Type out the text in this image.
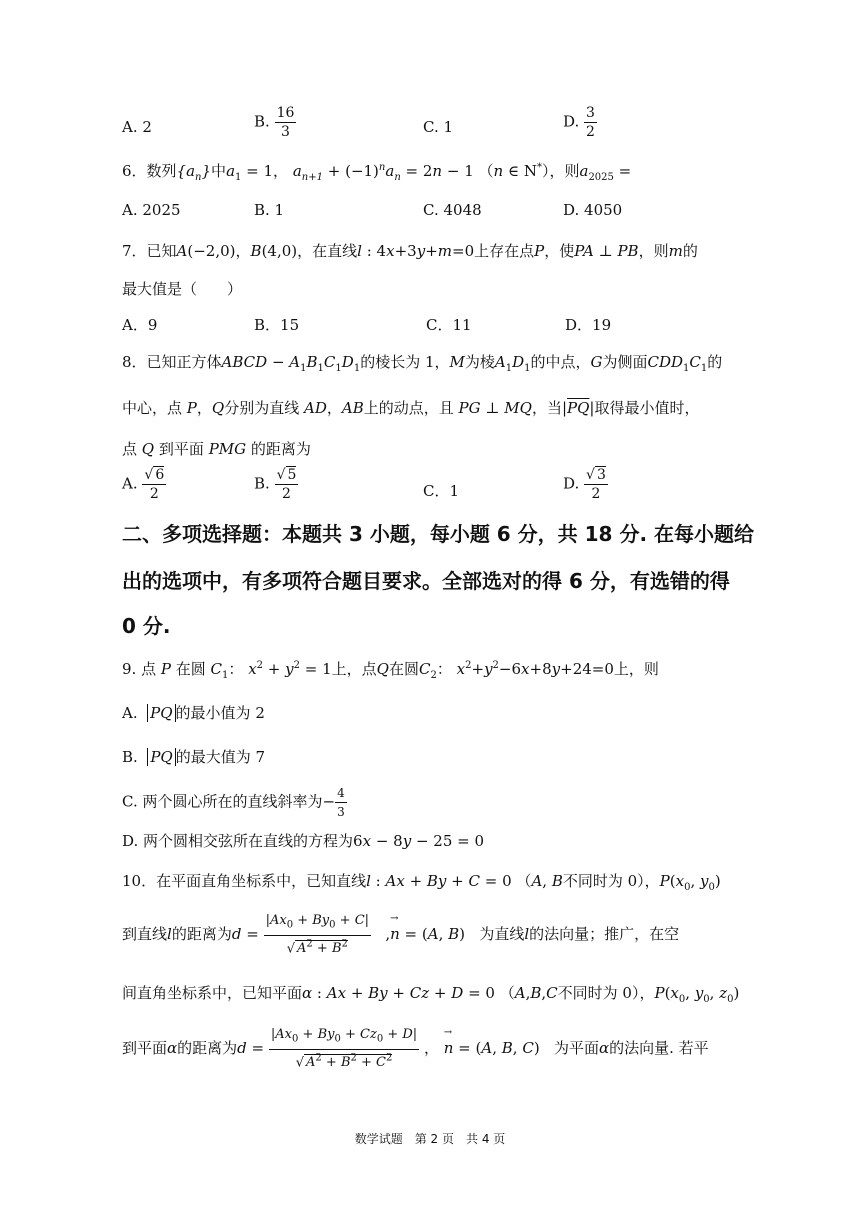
A. 2	B. $\frac{16}{3}$	C. 1	D. $\frac{3}{2}$
6．数列$\{a_n\}$中$a_1 = 1$， $a_{n+1} + (-1)^na_n = 2n - 1$ （n ∈ N*），则$a_{2025}$ =
A. 2025	B. 1	C. 4048	D. 4050
7．已知A(−2,0)，B(4,0)，在直线l : 4x+3y+m=0上存在点P，使PA ⊥ PB，则m的
最大值是（　　）
A．9	B．15	C．11	D．19
8．已知正方体ABCD − $A_1B_1C_1D_1$的棱长为 1，M为棱$A_1D_1$的中点，G为侧面$CDD_1C_1$的
中心，点 P，Q分别为直线 AD，AB上的动点，且 PG ⊥ MQ，当$|\overline{PQ}|$取得最小值时，
点 Q 到平面 PMG 的距离为
A. $\frac{√ 6}{2}$	B. $\frac{√ 5}{2}$	C．1	D. $\frac{√ 3}{2}$
二、多项选择题：本题共 3 小题，每小题 6 分，共 18 分. 在每小题给
出的选项中，有多项符合题目要求。全部选对的得 6 分，有选错的得
0 分.
9. 点 P 在圆 $C_1$： $x^2 + y^2 = 1$上，点Q在圆$C_2$： $x^2+y^2-6x+8y+24=0$上，则
A. PQ 的最小值为 2
B. PQ 的最大值为 7
C. 两个圆心所在的直线斜率为− $\frac{4}{3}$
D. 两个圆相交弦所在直线的方程为6x − 8y − 25 = 0
10．在平面直角坐标系中，已知直线l : Ax + By + C = 0 （A, B不同时为 0），$P(x_0$, $y_0$)
到直线l的距离为$d = \frac{|Ax_0 + By_0 + C|}{√ A^2 + B^2}$ ,→ n = (A, B)   为直线l的法向量；推广，在空
间直角坐标系中，已知平面α : Ax + By + Cz + D = 0 （A,B,C不同时为 0），$P(x_0$, $y_0$, $z_0$)
到平面α的距离为$d = \frac{|Ax_0 + By_0 + Cz_0 + D|}{√ A^2 + B^2 + C^2}$ ， → n = (A, B, C)   为平面α的法向量. 若平
数学试题　第 2 页　共 4 页
